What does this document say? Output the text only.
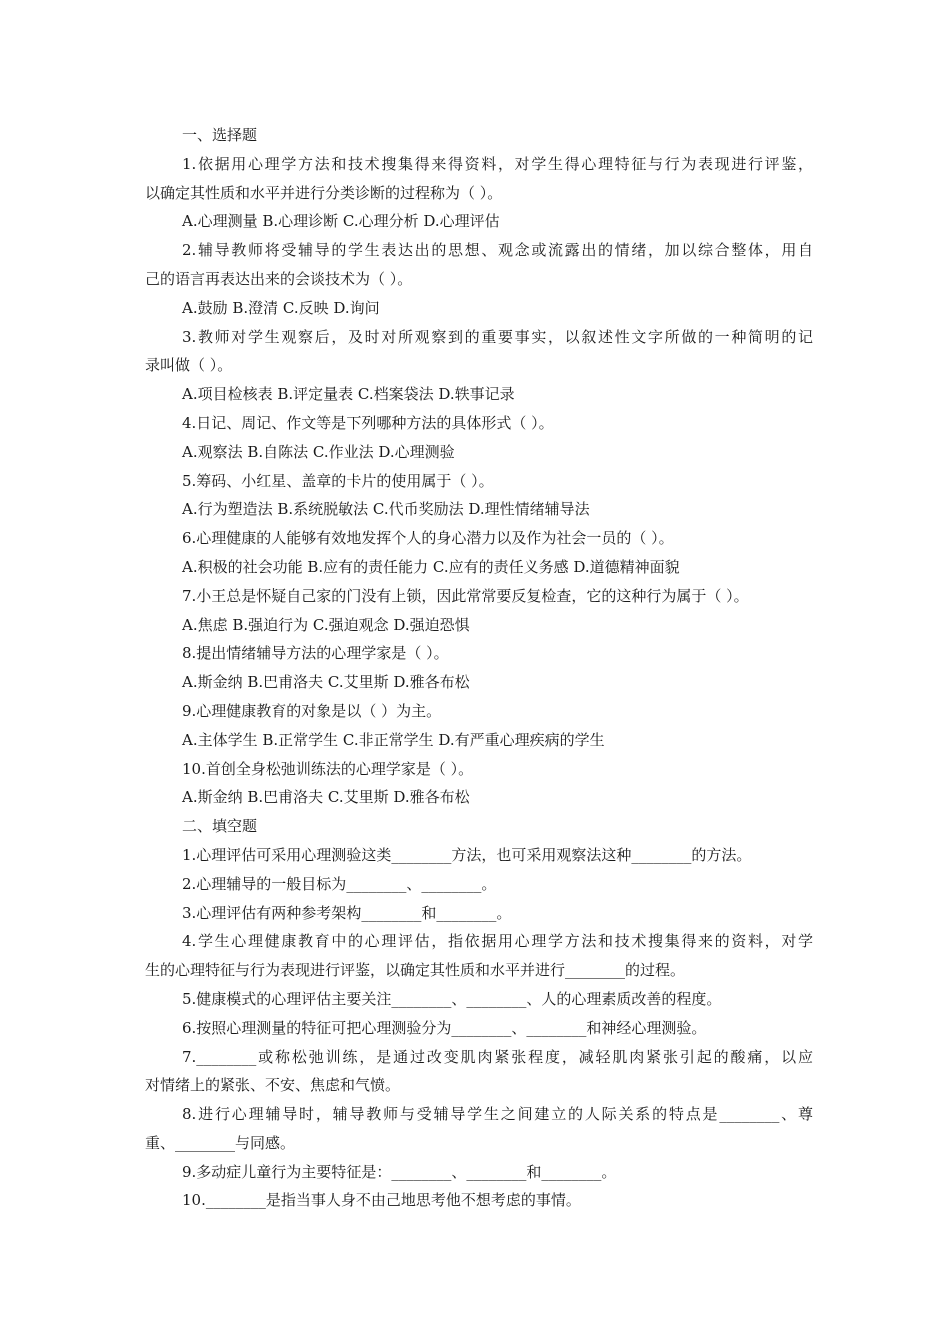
一、选择题
1.依据用心理学方法和技术搜集得来得资料，对学生得心理特征与行为表现进行评鉴，
以确定其性质和水平并进行分类诊断的过程称为（ ）。
A.心理测量 B.心理诊断 C.心理分析 D.心理评估
2.辅导教师将受辅导的学生表达出的思想、观念或流露出的情绪，加以综合整体，用自
己的语言再表达出来的会谈技术为（ ）。
A.鼓励 B.澄清 C.反映 D.询问
3.教师对学生观察后，及时对所观察到的重要事实，以叙述性文字所做的一种简明的记
录叫做（ ）。
A.项目检核表 B.评定量表 C.档案袋法 D.轶事记录
4.日记、周记、作文等是下列哪种方法的具体形式（ ）。
A.观察法 B.自陈法 C.作业法 D.心理测验
5.筹码、小红星、盖章的卡片的使用属于（ ）。
A.行为塑造法 B.系统脱敏法 C.代币奖励法 D.理性情绪辅导法
6.心理健康的人能够有效地发挥个人的身心潜力以及作为社会一员的（ ）。
A.积极的社会功能 B.应有的责任能力 C.应有的责任义务感 D.道德精神面貌
7.小王总是怀疑自己家的门没有上锁，因此常常要反复检查，它的这种行为属于（ ）。
A.焦虑 B.强迫行为 C.强迫观念 D.强迫恐惧
8.提出情绪辅导方法的心理学家是（ ）。
A.斯金纳 B.巴甫洛夫 C.艾里斯 D.雅各布松
9.心理健康教育的对象是以（ ）为主。
A.主体学生 B.正常学生 C.非正常学生 D.有严重心理疾病的学生
10.首创全身松弛训练法的心理学家是（ ）。
A.斯金纳 B.巴甫洛夫 C.艾里斯 D.雅各布松
二、填空题
1.心理评估可采用心理测验这类________方法，也可采用观察法这种________的方法。
2.心理辅导的一般目标为________、________。
3.心理评估有两种参考架构________和________。
4.学生心理健康教育中的心理评估，指依据用心理学方法和技术搜集得来的资料，对学
生的心理特征与行为表现进行评鉴，以确定其性质和水平并进行________的过程。
5.健康模式的心理评估主要关注________、________、人的心理素质改善的程度。
6.按照心理测量的特征可把心理测验分为________、________和神经心理测验。
7.________或称松弛训练，是通过改变肌肉紧张程度，减轻肌肉紧张引起的酸痛，以应
对情绪上的紧张、不安、焦虑和气愤。
8.进行心理辅导时，辅导教师与受辅导学生之间建立的人际关系的特点是________、尊
重、________与同感。
9.多动症儿童行为主要特征是：________、________和________。
10.________是指当事人身不由己地思考他不想考虑的事情。
